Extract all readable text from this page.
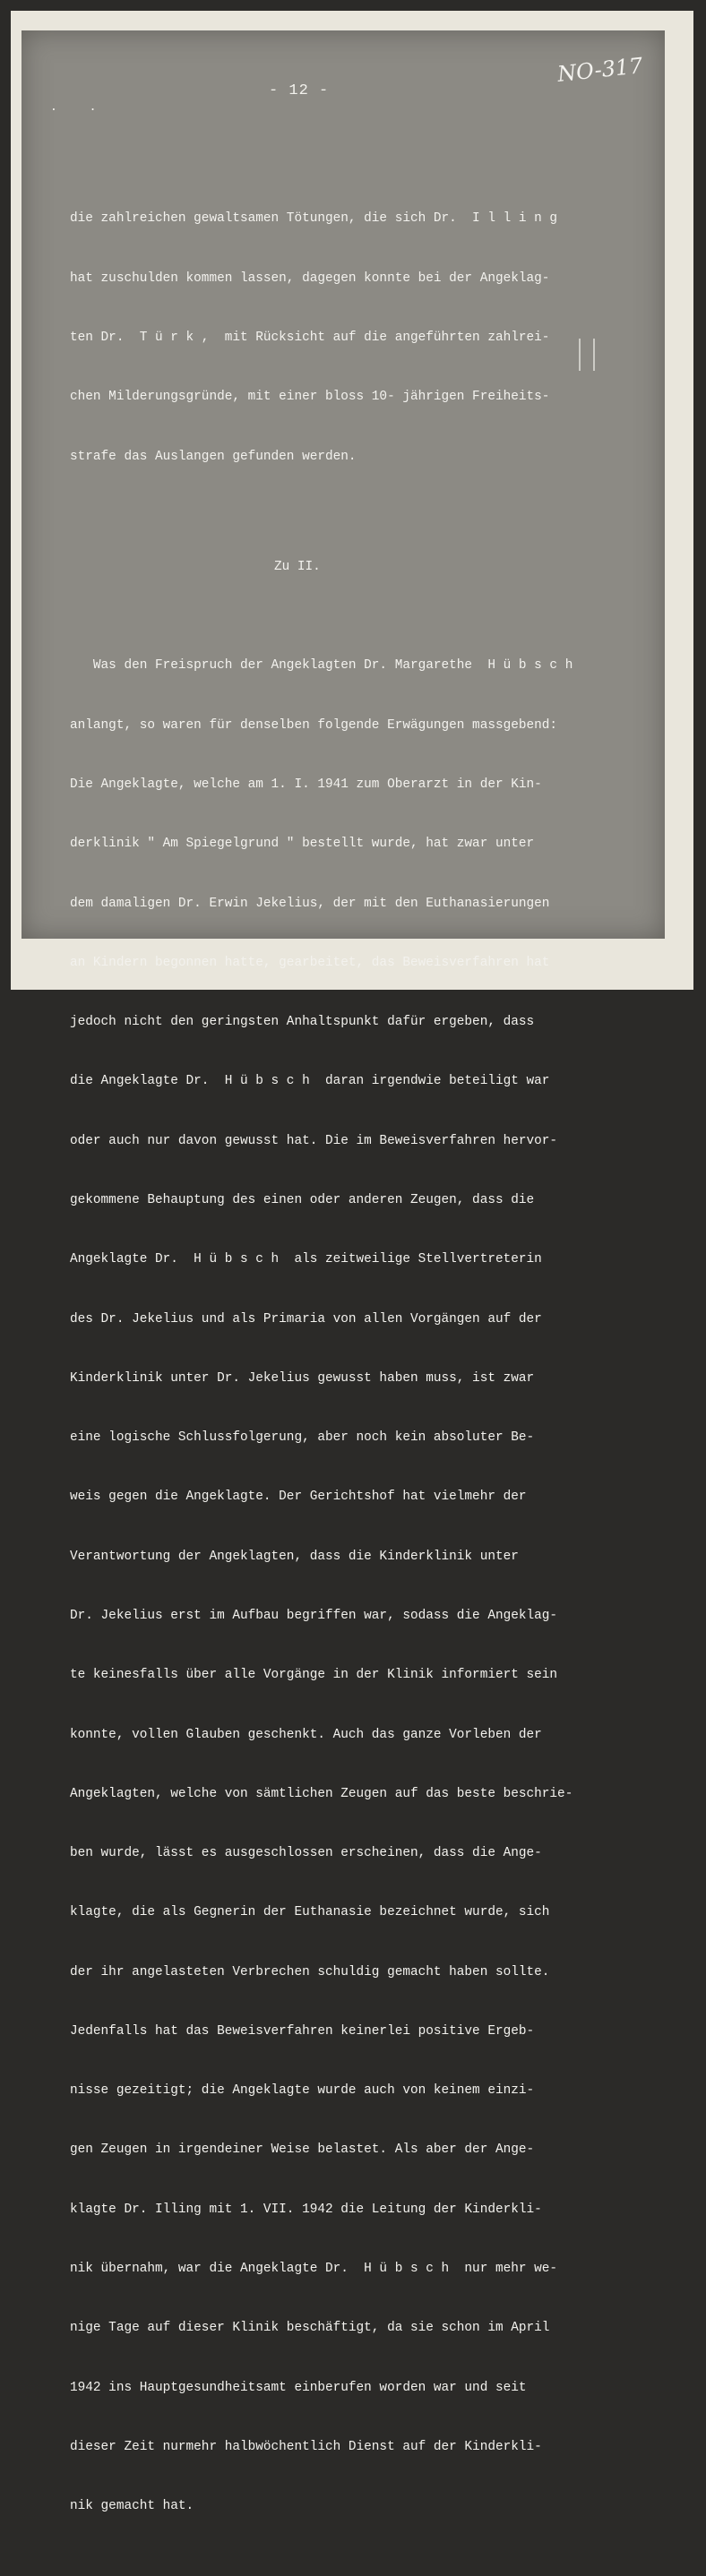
. .
- 12 -
NO-317

die zahlreichen gewaltsamen Tötungen, die sich Dr.  I l l i n g

hat zuschulden kommen lassen, dagegen konnte bei der Angeklag-

ten Dr.  T ü r k ,  mit Rücksicht auf die angeführten zahlrei-

chen Milderungsgründe, mit einer bloss 10- jährigen Freiheits-

strafe das Auslangen gefunden werden.

Zu II.

Was den Freispruch der Angeklagten Dr. Margarethe  H ü b s c h

anlangt, so waren für denselben folgende Erwägungen massgebend:

Die Angeklagte, welche am 1. I. 1941 zum Oberarzt in der Kin-

derklinik " Am Spiegelgrund " bestellt wurde, hat zwar unter

dem damaligen Dr. Erwin Jekelius, der mit den Euthanasierungen

an Kindern begonnen hatte, gearbeitet, das Beweisverfahren hat

jedoch nicht den geringsten Anhaltspunkt dafür ergeben, dass

die Angeklagte Dr.  H ü b s c h  daran irgendwie beteiligt war

oder auch nur davon gewusst hat. Die im Beweisverfahren hervor-

gekommene Behauptung des einen oder anderen Zeugen, dass die

Angeklagte Dr.  H ü b s c h  als zeitweilige Stellvertreterin

des Dr. Jekelius und als Primaria von allen Vorgängen auf der

Kinderklinik unter Dr. Jekelius gewusst haben muss, ist zwar

eine logische Schlussfolgerung, aber noch kein absoluter Be-

weis gegen die Angeklagte. Der Gerichtshof hat vielmehr der

Verantwortung der Angeklagten, dass die Kinderklinik unter

Dr. Jekelius erst im Aufbau begriffen war, sodass die Angeklag-

te keinesfalls über alle Vorgänge in der Klinik informiert sein

konnte, vollen Glauben geschenkt. Auch das ganze Vorleben der

Angeklagten, welche von sämtlichen Zeugen auf das beste beschrie-

ben wurde, lässt es ausgeschlossen erscheinen, dass die Ange-

klagte, die als Gegnerin der Euthanasie bezeichnet wurde, sich

der ihr angelasteten Verbrechen schuldig gemacht haben sollte.

Jedenfalls hat das Beweisverfahren keinerlei positive Ergeb-

nisse gezeitigt; die Angeklagte wurde auch von keinem einzi-

gen Zeugen in irgendeiner Weise belastet. Als aber der Ange-

klagte Dr. Illing mit 1. VII. 1942 die Leitung der Kinderkli-

nik übernahm, war die Angeklagte Dr.  H ü b s c h  nur mehr we-

nige Tage auf dieser Klinik beschäftigt, da sie schon im April

1942 ins Hauptgesundheitsamt einberufen worden war und seit

dieser Zeit nurmehr halbwöchentlich Dienst auf der Kinderkli-

nik gemacht hat.
